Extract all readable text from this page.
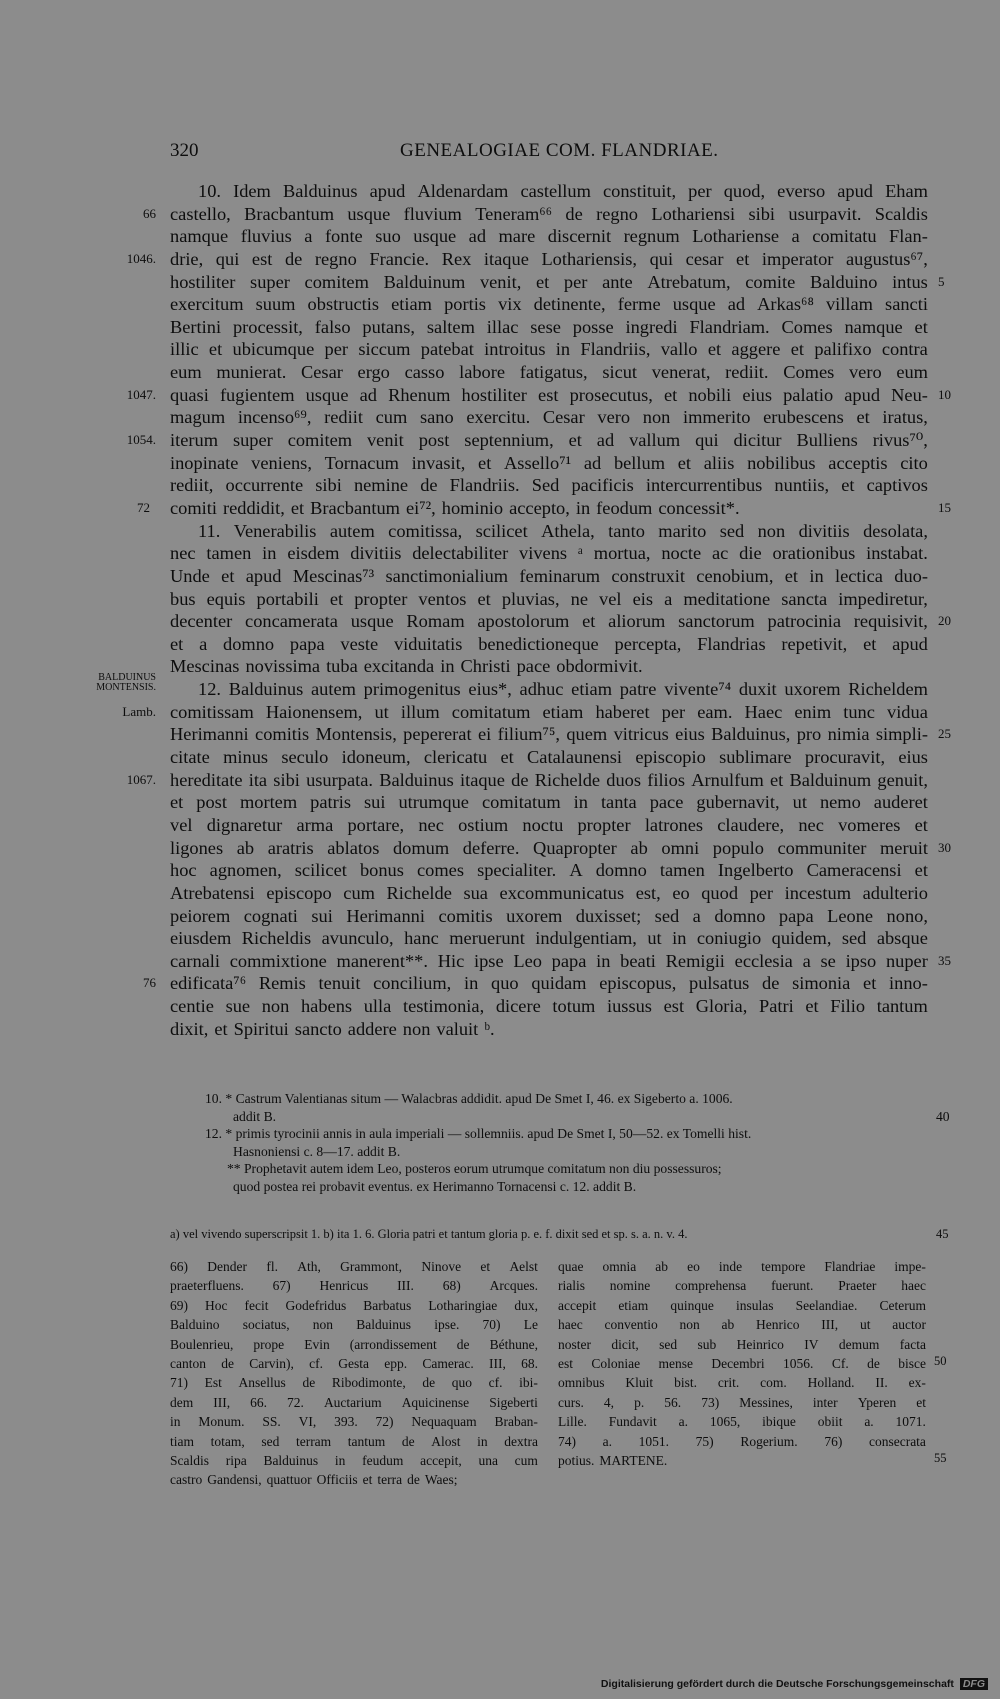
320	GENEALOGIAE COM. FLANDRIAE.
10. Idem Balduinus apud Aldenardam castellum constituit, per quod, everso apud Eham
castello, Bracbantum usque fluvium Teneram⁶⁶ de regno Lothariensi sibi usurpavit. Scaldis
66
namque fluvius a fonte suo usque ad mare discernit regnum Lothariense a comitatu Flan-
drie, qui est de regno Francie. Rex itaque Lothariensis, qui cesar et imperator augustus⁶⁷,
1046.
hostiliter super comitem Balduinum venit, et per ante Atrebatum, comite Balduino intus 5
exercitum suum obstructis etiam portis vix detinente, ferme usque ad Arkas⁶⁸ villam sancti
Bertini processit, falso putans, saltem illac sese posse ingredi Flandriam. Comes namque et
illic et ubicumque per siccum patebat introitus in Flandriis, vallo et aggere et palifixo contra
eum munierat. Cesar ergo casso labore fatigatus, sicut venerat, rediit. Comes vero eum
quasi fugientem usque ad Rhenum hostiliter est prosecutus, et nobili eius palatio apud Neu-
1047.	10
magum incenso⁶⁹, rediit cum sano exercitu. Cesar vero non immerito erubescens et iratus,
iterum super comitem venit post septennium, et ad vallum qui dicitur Bulliens rivus⁷⁰,
1054.
inopinate veniens, Tornacum invasit, et Assello⁷¹ ad bellum et aliis nobilibus acceptis cito
rediit, occurrente sibi nemine de Flandriis. Sed pacificis intercurrentibus nuntiis, et captivos
comiti reddidit, et Bracbantum ei⁷², hominio accepto, in feodum concessit*.
72	15
11. Venerabilis autem comitissa, scilicet Athela, tanto marito sed non divitiis desolata,
nec tamen in eisdem divitiis delectabiliter vivens ᵃ mortua, nocte ac die orationibus instabat.
Unde et apud Mescinas⁷³ sanctimonialium feminarum construxit cenobium, et in lectica duo-
bus equis portabili et propter ventos et pluvias, ne vel eis a meditatione sancta impediretur,
decenter concamerata usque Romam apostolorum et aliorum sanctorum patrocinia requisivit, 20
et a domno papa veste viduitatis benedictioneque percepta, Flandrias repetivit, et apud
Mescinas novissima tuba excitanda in Christi pace obdormivit.
12. Balduinus autem primogenitus eius*, adhuc etiam patre vivente⁷⁴ duxit uxorem Richeldem
BALDUINUS MONTENSIS.
comitissam Haionensem, ut illum comitatum etiam haberet per eam. Haec enim tunc vidua
Lamb.
Herimanni comitis Montensis, pepererat ei filium⁷⁵, quem vitricus eius Balduinus, pro nimia simpli- 25
citate minus seculo idoneum, clericatu et Catalaunensi episcopio sublimare procuravit, eius
hereditate ita sibi usurpata. Balduinus itaque de Richelde duos filios Arnulfum et Balduinum genuit,
1067.
et post mortem patris sui utrumque comitatum in tanta pace gubernavit, ut nemo auderet
vel dignaretur arma portare, nec ostium noctu propter latrones claudere, nec vomeres et
ligones ab aratris ablatos domum deferre. Quapropter ab omni populo communiter meruit 30
hoc agnomen, scilicet bonus comes specialiter. A domno tamen Ingelberto Cameracensi et
Atrebatensi episcopo cum Richelde sua excommunicatus est, eo quod per incestum adulterio
peiorem cognati sui Herimanni comitis uxorem duxisset; sed a domno papa Leone nono,
eiusdem Richeldis avunculo, hanc meruerunt indulgentiam, ut in coniugio quidem, sed absque
carnali commixtione manerent**. Hic ipse Leo papa in beati Remigii ecclesia a se ipso nuper 35
edificata⁷⁶ Remis tenuit concilium, in quo quidam episcopus, pulsatus de simonia et inno-
76
centie sue non habens ulla testimonia, dicere totum iussus est Gloria, Patri et Filio tantum
dixit, et Spiritui sancto addere non valuit ᵇ.
10. * Castrum Valentianas situm — Walacbras addidit. apud De Smet I, 46. ex Sigeberto a. 1006.
addit B.	40
12. * primis tyrocinii annis in aula imperiali — sollemniis. apud De Smet I, 50—52. ex Tomelli hist.
Hasnoniensi c. 8—17. addit B.
** Prophetavit autem idem Leo, posteros eorum utrumque comitatum non diu possessuros;
quod postea rei probavit eventus. ex Herimanno Tornacensi c. 12. addit B.
a) vel vivendo superscripsit 1. b) ita 1. 6. Gloria patri et tantum gloria p. e. f. dixit sed et sp. s. a. n. v. 4.	45
66) Dender fl. Ath, Grammont, Ninove et Aelst
praeterfluens. 67) Henricus III. 68) Arcques.
69) Hoc fecit Godefridus Barbatus Lotharingiae dux,
Balduino sociatus, non Balduinus ipse. 70) Le
Boulenrieu, prope Evin (arrondissement de Béthune,
canton de Carvin), cf. Gesta epp. Camerac. III, 68.
71) Est Ansellus de Ribodimonte, de quo cf. ibi-
dem III, 66. 72. Auctarium Aquicinense Sigeberti
in Monum. SS. VI, 393. 72) Nequaquam Braban-
tiam totam, sed terram tantum de Alost in dextra
Scaldis ripa Balduinus in feudum accepit, una cum
castro Gandensi, quattuor Officiis et terra de Waes;
quae omnia ab eo inde tempore Flandriae impe-
rialis nomine comprehensa fuerunt. Praeter haec
accepit etiam quinque insulas Seelandiae. Ceterum
haec conventio non ab Henrico III, ut auctor
noster dicit, sed sub Heinrico IV demum facta
est Coloniae mense Decembri 1056. Cf. de bisce
omnibus Kluit bist. crit. com. Holland. II. ex-
curs. 4, p. 56. 73) Messines, inter Yperen et
Lille. Fundavit a. 1065, ibique obiit a. 1071.
74) a. 1051. 75) Rogerium. 76) consecrata
potius. MARTENE.
50
55
Digitalisierung gefördert durch die Deutsche Forschungsgemeinschaft DFG
